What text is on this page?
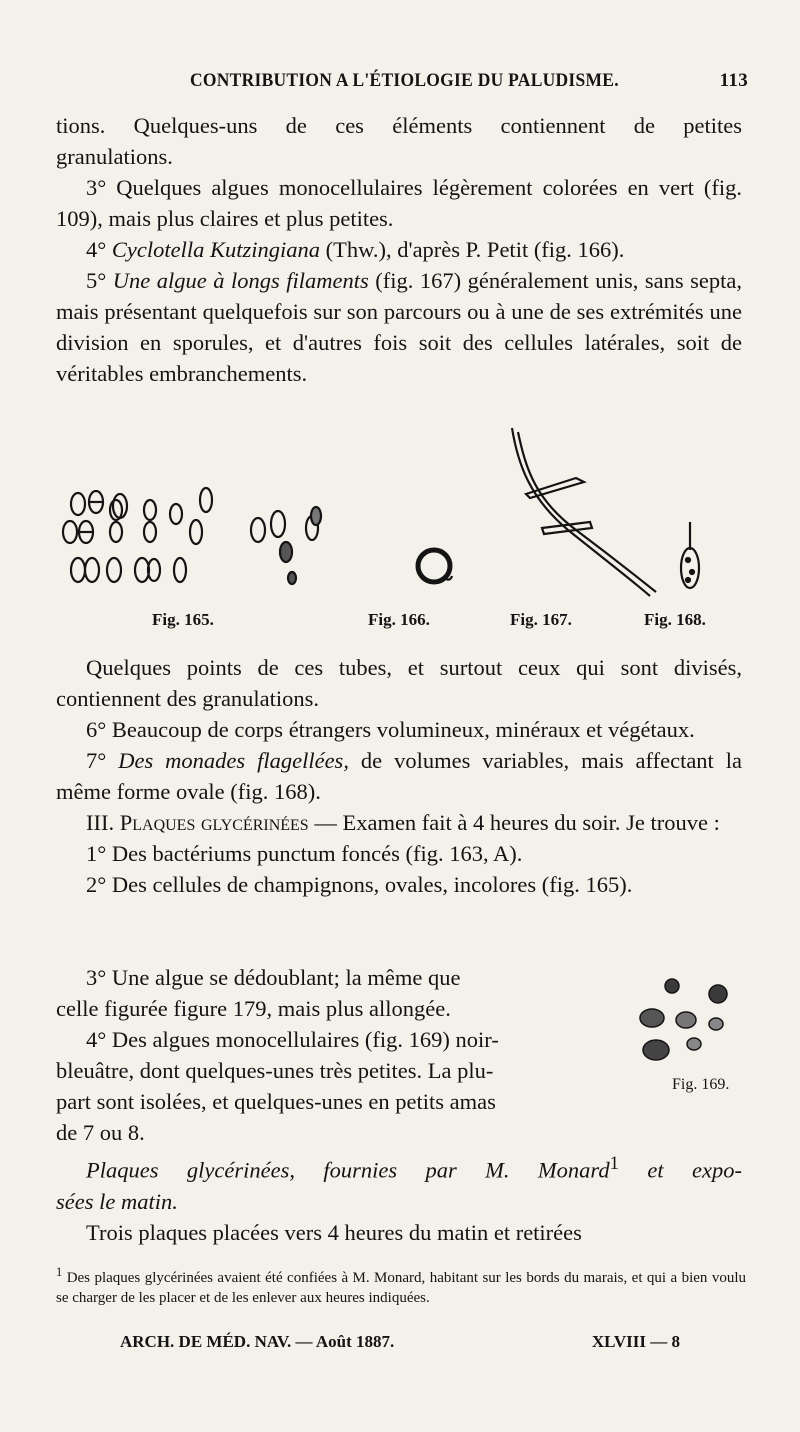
CONTRIBUTION A L'ÉTIOLOGIE DU PALUDISME.	113

tions. Quelques-uns de ces éléments contiennent de petites

granulations.

3° Quelques algues monocellulaires légèrement colorées en vert (fig. 109), mais plus claires et plus petites.

4° Cyclotella Kutzingiana (Thw.), d'après P. Petit (fig. 166).

5° Une algue à longs filaments (fig. 167) généralement unis, sans septa, mais présentant quelquefois sur son parcours ou à une de ses extrémités une division en sporules, et d'autres fois soit des cellules latérales, soit de véritables embranchements.

Fig. 165.	Fig. 166.	Fig. 167.	Fig. 168.

Quelques points de ces tubes, et surtout ceux qui sont divisés, contiennent des granulations.

6° Beaucoup de corps étrangers volumineux, minéraux et végétaux.

7° Des monades flagellées, de volumes variables, mais affectant la même forme ovale (fig. 168).

III. Plaques glycérinées — Examen fait à 4 heures du soir. Je trouve :

1° Des bactériums punctum foncés (fig. 163, A).

2° Des cellules de champignons, ovales, incolores (fig. 165).

3° Une algue se dédoublant; la même que

celle figurée figure 179, mais plus allongée.

4° Des algues monocellulaires (fig. 169) noir-

bleuâtre, dont quelques-unes très petites. La plu-

part sont isolées, et quelques-unes en petits amas

de 7 ou 8.

Fig. 169.

Plaques glycérinées, fournies par M. Monard$^1$ et expo-

sées le matin.

Trois plaques placées vers 4 heures du matin et retirées

$^1$ Des plaques glycérinées avaient été confiées à M. Monard, habitant sur les bords du marais, et qui a bien voulu se charger de les placer et de les enlever aux heures indiquées.
ARCH. DE MÉD. NAV. — Août 1887.	XLVIII — 8
